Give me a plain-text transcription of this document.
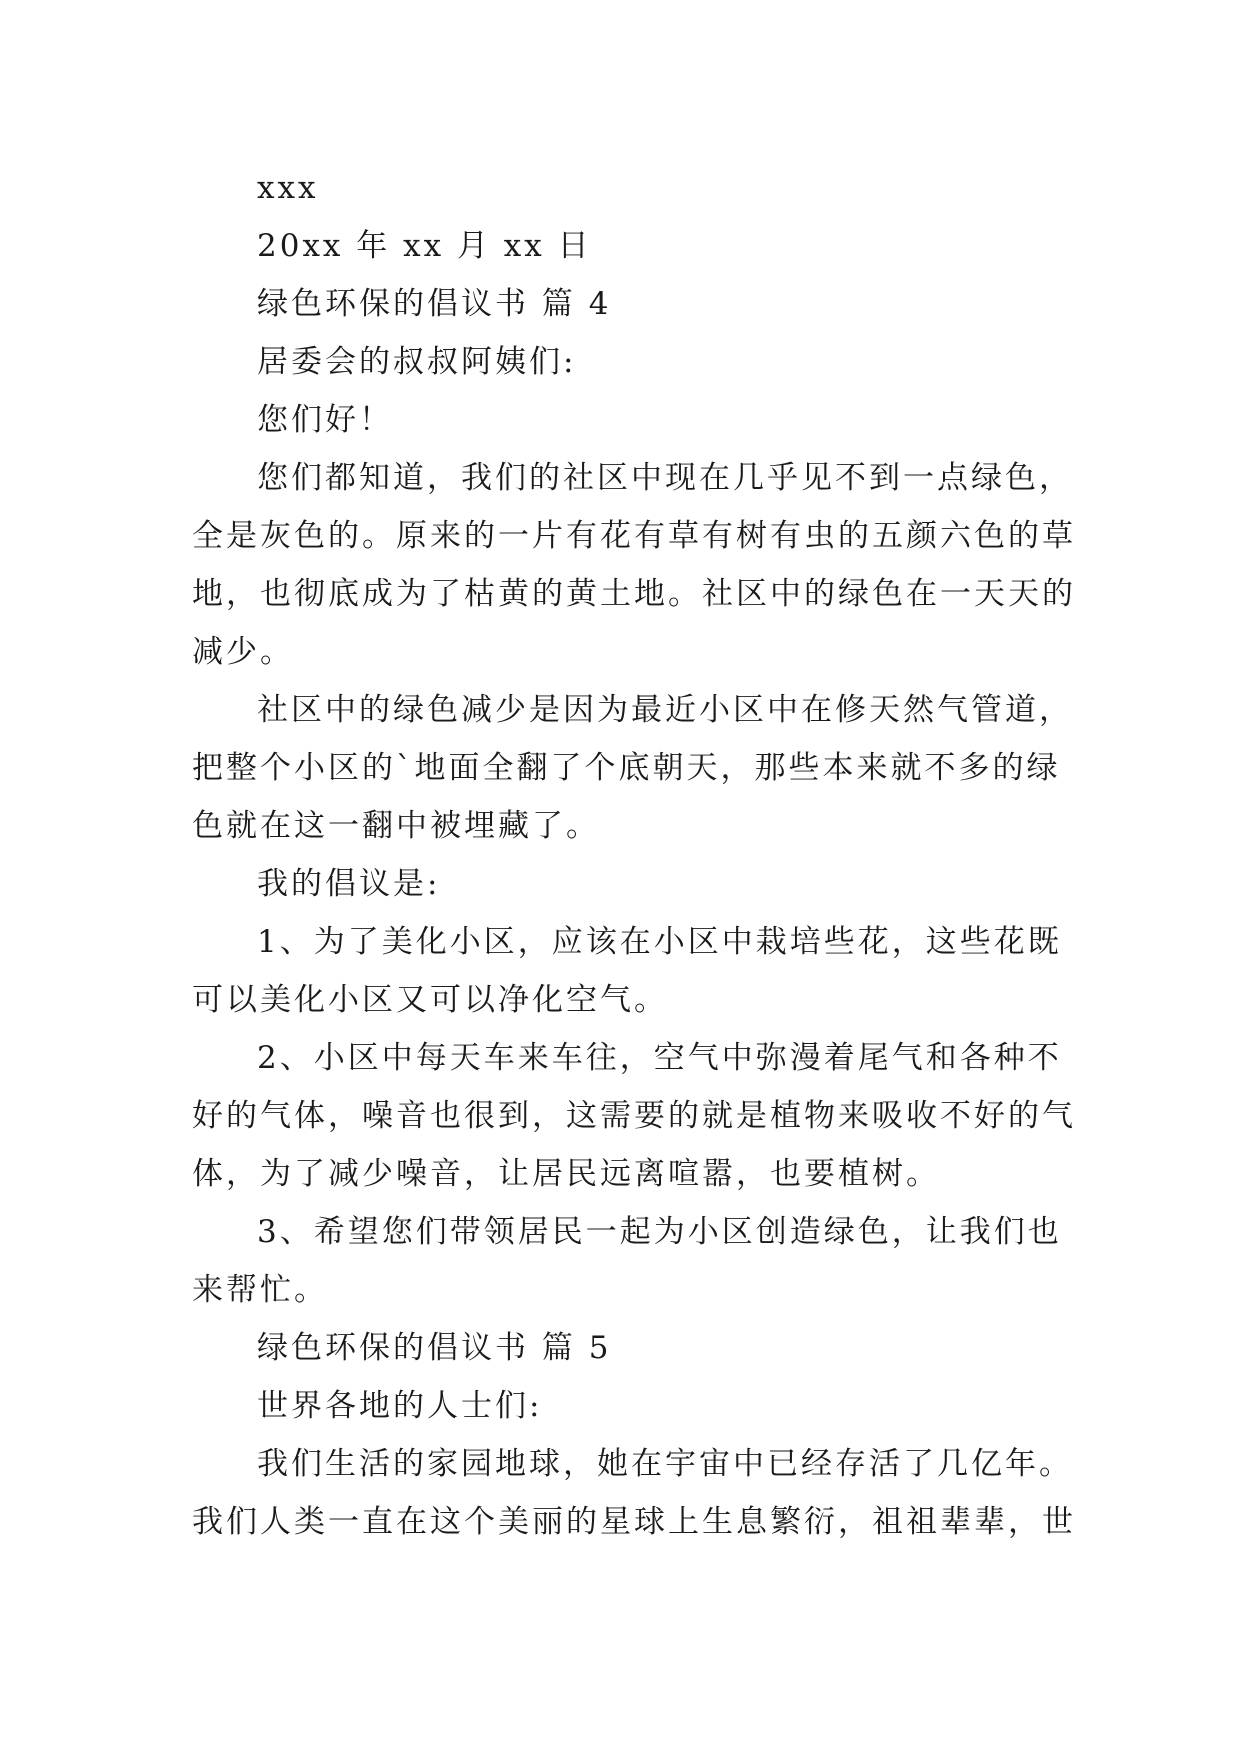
xxx
20xx 年 xx 月 xx 日
绿色环保的倡议书 篇 4
居委会的叔叔阿姨们:
您们好！
您们都知道，我们的社区中现在几乎见不到一点绿色，
全是灰色的。原来的一片有花有草有树有虫的五颜六色的草
地，也彻底成为了枯黄的黄土地。社区中的绿色在一天天的
减少。
社区中的绿色减少是因为最近小区中在修天然气管道，
把整个小区的`地面全翻了个底朝天，那些本来就不多的绿
色就在这一翻中被埋藏了。
我的倡议是:
1、为了美化小区，应该在小区中栽培些花，这些花既
可以美化小区又可以净化空气。
2、小区中每天车来车往，空气中弥漫着尾气和各种不
好的气体，噪音也很到，这需要的就是植物来吸收不好的气
体，为了减少噪音，让居民远离喧嚣，也要植树。
3、希望您们带领居民一起为小区创造绿色，让我们也
来帮忙。
绿色环保的倡议书 篇 5
世界各地的人士们:
我们生活的家园地球，她在宇宙中已经存活了几亿年。
我们人类一直在这个美丽的星球上生息繁衍，祖祖辈辈，世
